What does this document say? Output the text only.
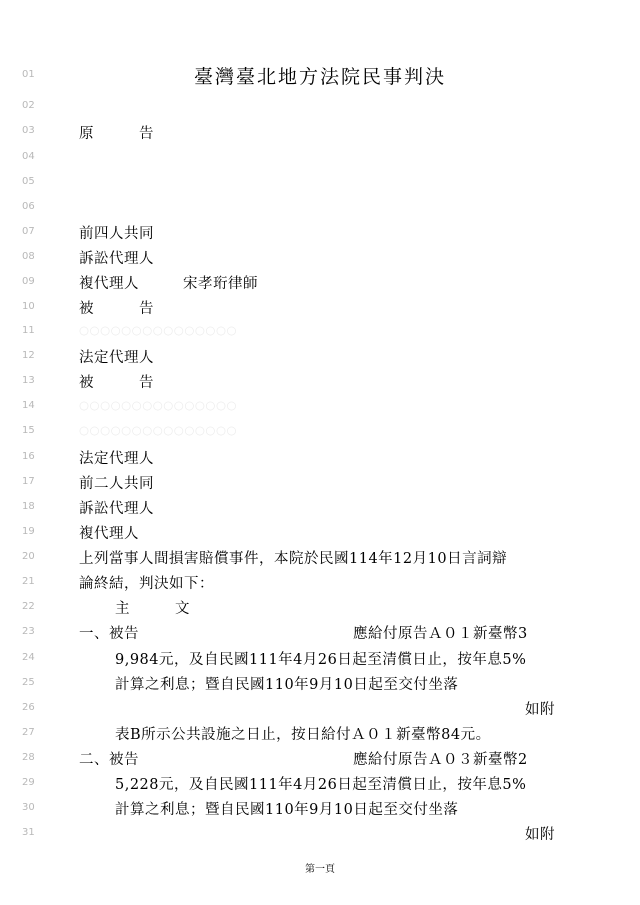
臺灣臺北地方法院民事判決
01
02
03
04
05
06
07
08
09
10
11
12
13
14
15
16
17
18
19
20
21
22
23
24
25
26
27
28
29
30
31
原　　　告
前四人共同
訴訟代理人
複代理人	宋孝珩律師
被　　　告
○○○○○○○○○○○○○○○
法定代理人
被　　　告
○○○○○○○○○○○○○○○
○○○○○○○○○○○○○○○
法定代理人
前二人共同
訴訟代理人
複代理人
上列當事人間損害賠償事件，本院於民國114年12月10日言詞辯
論終結，判決如下：
主　　　文
一、被告	應給付原告Ａ０１新臺幣3
9,984元，及自民國111年4月26日起至清償日止，按年息5%
計算之利息；暨自民國110年9月10日起至交付坐落
如附
表B所示公共設施之日止，按日給付Ａ０１新臺幣84元。
二、被告	應給付原告Ａ０３新臺幣2
5,228元，及自民國111年4月26日起至清償日止，按年息5%
計算之利息；暨自民國110年9月10日起至交付坐落
如附
第一頁
